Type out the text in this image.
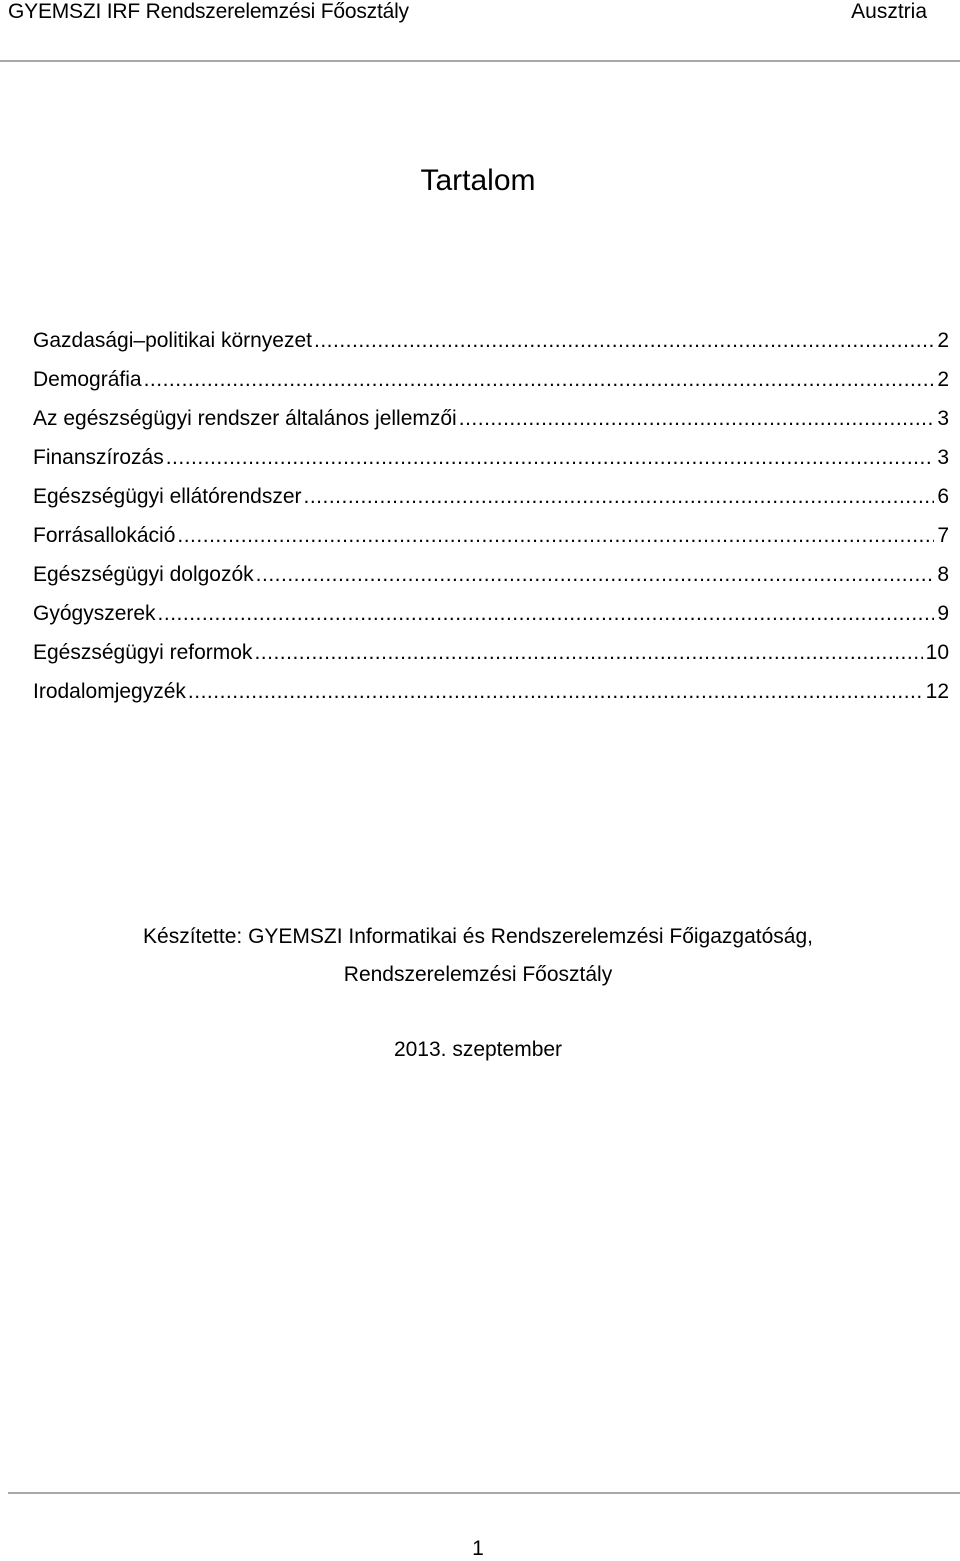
GYEMSZI IRF Rendszerelemzési Főosztály	Ausztria
Tartalom
Gazdasági–politikai környezet .....	2
Demográfia .....	2
Az egészségügyi rendszer általános jellemzői .....	3
Finanszírozás .....	3
Egészségügyi ellátórendszer .....	6
Forrásallokáció .....	7
Egészségügyi dolgozók .....	8
Gyógyszerek .....	9
Egészségügyi reformok .....	10
Irodalomjegyzék .....	12
Készítette: GYEMSZI Informatikai és Rendszerelemzési Főigazgatóság,
Rendszerelemzési Főosztály
2013. szeptember
1
